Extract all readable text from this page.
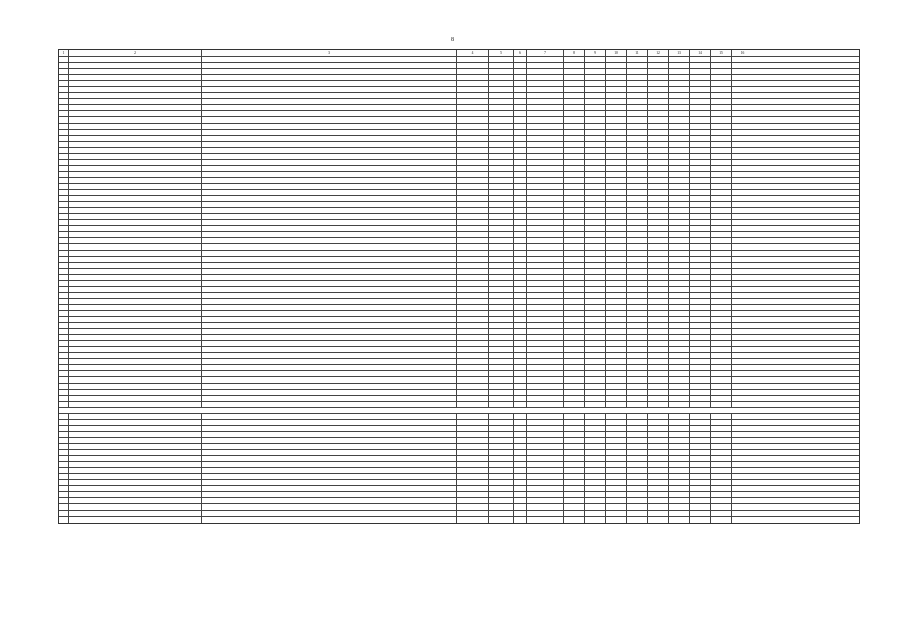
8
1	2	3	4	5	6	7	8	9	10	11	12	13	14	15	16
